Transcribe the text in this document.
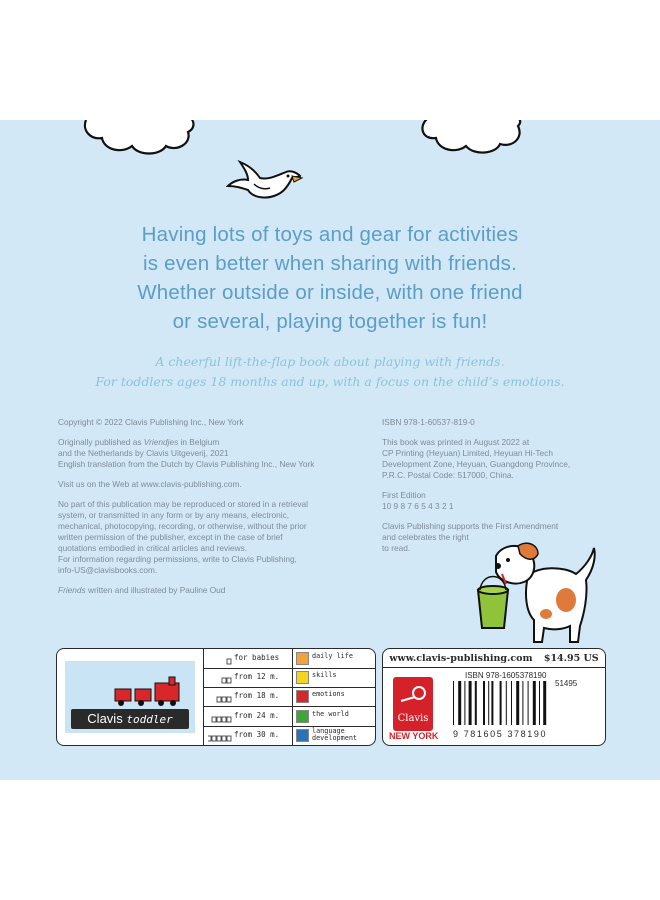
Having lots of toys and gear for activities
is even better when sharing with friends.
Whether outside or inside, with one friend
or several, playing together is fun!
A cheerful lift-the-flap book about playing with friends.
For toddlers ages 18 months and up, with a focus on the child’s emotions.

Copyright © 2022 Clavis Publishing Inc., New York

Originally published as Vriendjes in Belgium
and the Netherlands by Clavis Uitgeverij, 2021
English translation from the Dutch by Clavis Publishing Inc., New York

Visit us on the Web at www.clavis-publishing.com.

No part of this publication may be reproduced or stored in a retrieval
system, or transmitted in any form or by any means, electronic,
mechanical, photocopying, recording, or otherwise, without the prior
written permission of the publisher, except in the case of brief
quotations embodied in critical articles and reviews.
For information regarding permissions, write to Clavis Publishing,
info-US@clavisbooks.com.

Friends written and illustrated by Pauline Oud

ISBN 978-1-60537-819-0

This book was printed in August 2022 at
CP Printing (Heyuan) Limited, Heyuan Hi-Tech
Development Zone, Heyuan, Guangdong Province,
P.R.C. Postal Code: 517000, China.

First Edition
10 9 8 7 6 5 4 3 2 1

Clavis Publishing supports the First Amendment
and celebrates the right
to read.

Clavis toddler
for babies	daily life
from 12 m.	skills
from 18 m.	emotions
from 24 m.	the world
from 30 m.	language
development
www.clavis-publishing.com $14.95 US
Clavis
NEW YORK
ISBN 978-1605378190
51495
9 781605 378190
